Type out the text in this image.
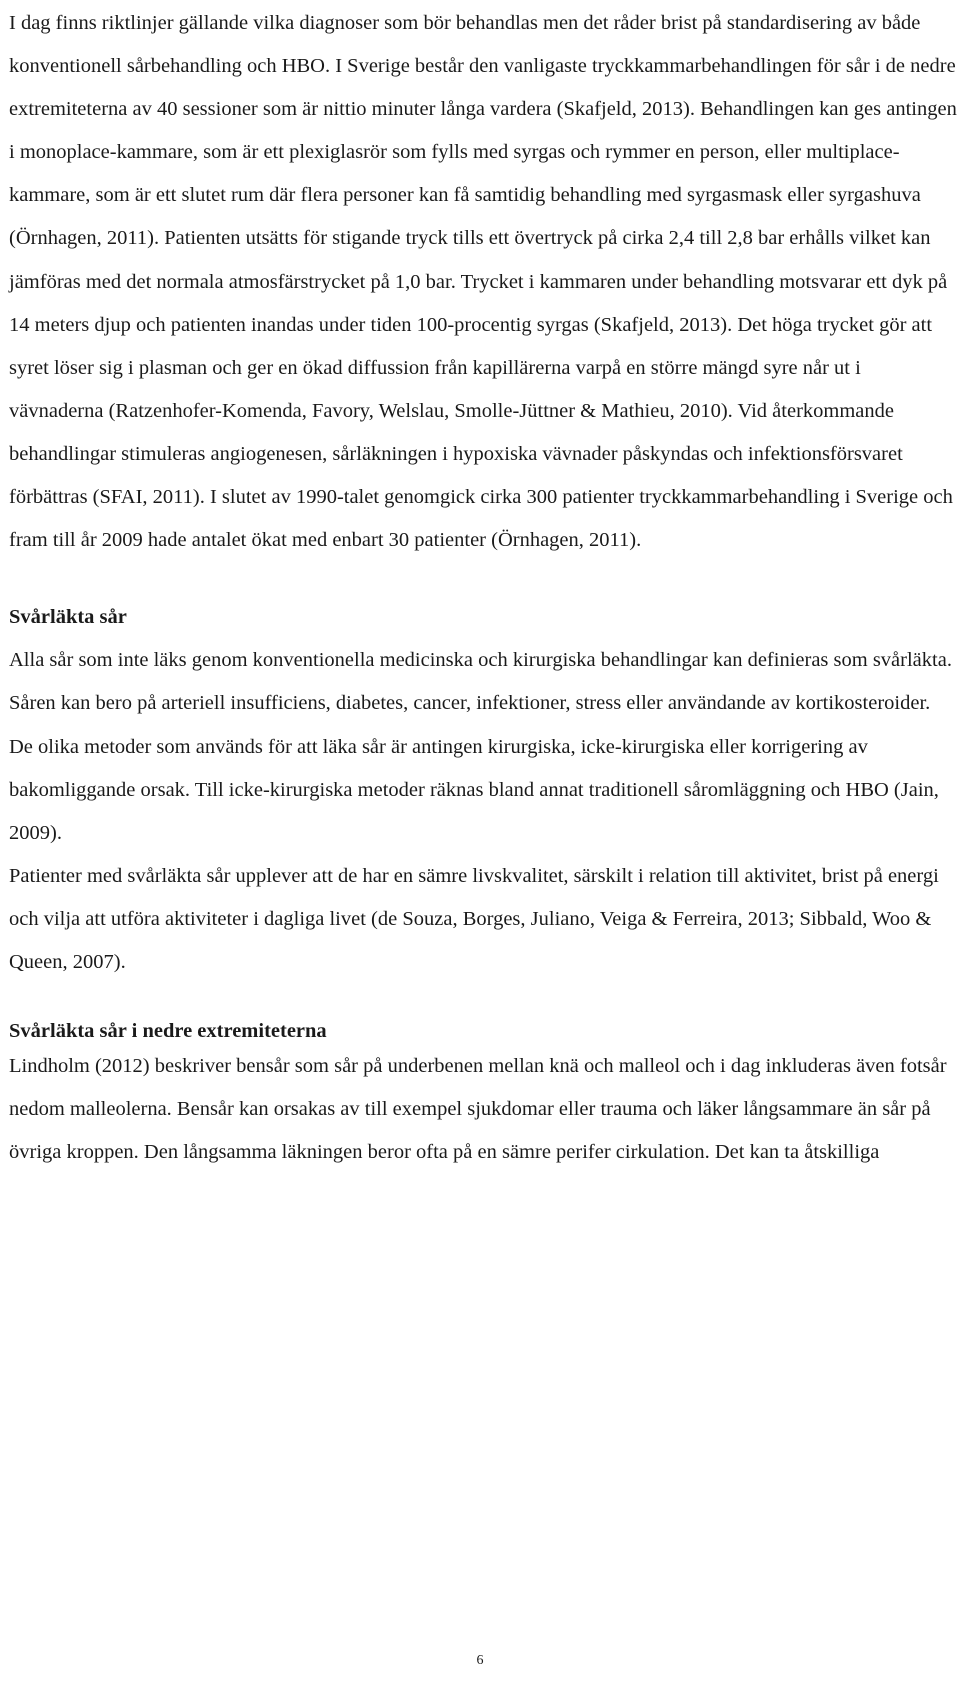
I dag finns riktlinjer gällande vilka diagnoser som bör behandlas men det råder brist på standardisering av både konventionell sårbehandling och HBO. I Sverige består den vanligaste tryckkammarbehandlingen för sår i de nedre extremiteterna av 40 sessioner som är nittio minuter långa vardera (Skafjeld, 2013). Behandlingen kan ges antingen i monoplace-kammare, som är ett plexiglasrör som fylls med syrgas och rymmer en person, eller multiplace-kammare, som är ett slutet rum där flera personer kan få samtidig behandling med syrgasmask eller syrgashuva (Örnhagen, 2011). Patienten utsätts för stigande tryck tills ett övertryck på cirka 2,4 till 2,8 bar erhålls vilket kan jämföras med det normala atmosfärstrycket på 1,0 bar. Trycket i kammaren under behandling motsvarar ett dyk på 14 meters djup och patienten inandas under tiden 100-procentig syrgas (Skafjeld, 2013). Det höga trycket gör att syret löser sig i plasman och ger en ökad diffussion från kapillärerna varpå en större mängd syre når ut i vävnaderna (Ratzenhofer-Komenda, Favory, Welslau, Smolle-Jüttner & Mathieu, 2010). Vid återkommande behandlingar stimuleras angiogenesen, sårläkningen i hypoxiska vävnader påskyndas och infektionsförsvaret förbättras (SFAI, 2011). I slutet av 1990-talet genomgick cirka 300 patienter tryckkammarbehandling i Sverige och fram till år 2009 hade antalet ökat med enbart 30 patienter (Örnhagen, 2011).

Svårläkta sår

Alla sår som inte läks genom konventionella medicinska och kirurgiska behandlingar kan definieras som svårläkta. Såren kan bero på arteriell insufficiens, diabetes, cancer, infektioner, stress eller användande av kortikosteroider. De olika metoder som används för att läka sår är antingen kirurgiska, icke-kirurgiska eller korrigering av bakomliggande orsak. Till icke-kirurgiska metoder räknas bland annat traditionell såromläggning och HBO (Jain, 2009).

Patienter med svårläkta sår upplever att de har en sämre livskvalitet, särskilt i relation till aktivitet, brist på energi och vilja att utföra aktiviteter i dagliga livet (de Souza, Borges, Juliano, Veiga & Ferreira, 2013; Sibbald, Woo & Queen, 2007).

Svårläkta sår i nedre extremiteterna

Lindholm (2012) beskriver bensår som sår på underbenen mellan knä och malleol och i dag inkluderas även fotsår nedom malleolerna. Bensår kan orsakas av till exempel sjukdomar eller trauma och läker långsammare än sår på övriga kroppen. Den långsamma läkningen beror ofta på en sämre perifer cirkulation. Det kan ta åtskilliga

6
